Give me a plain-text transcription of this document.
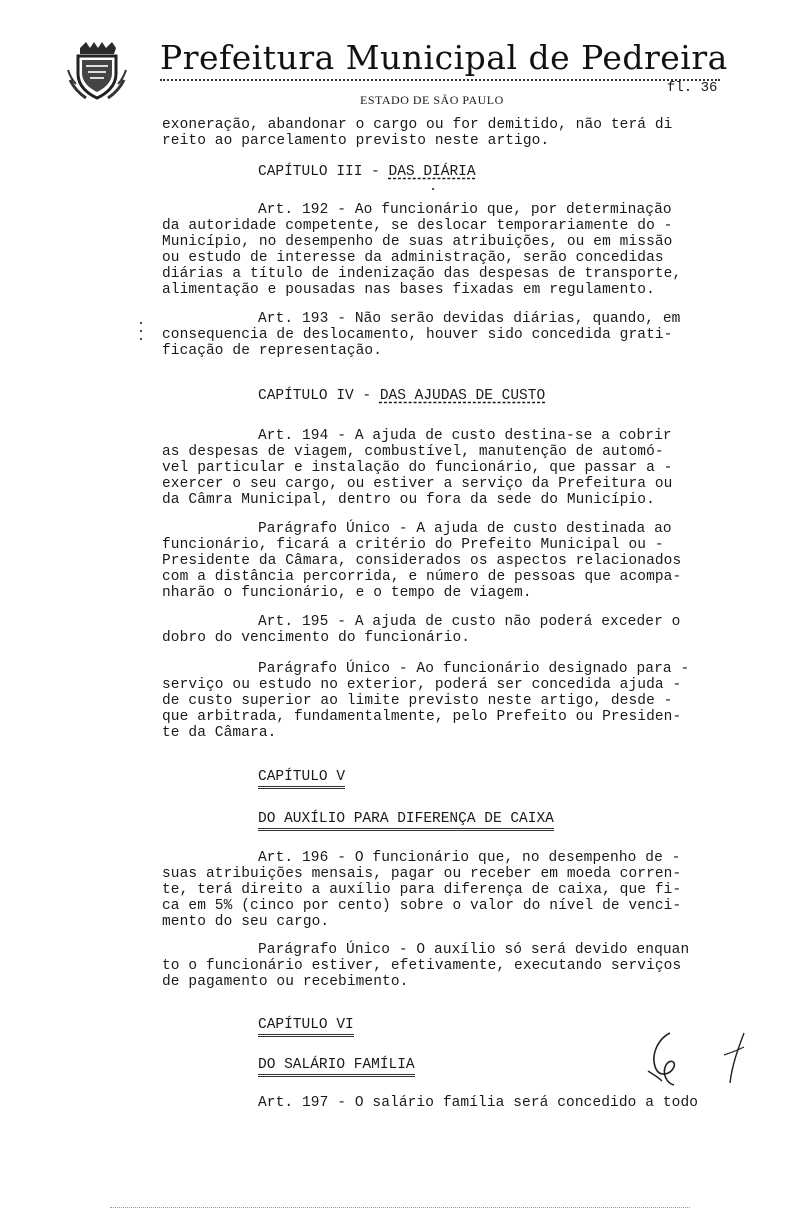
Prefeitura Municipal de Pedreira
ESTADO DE SÃO PAULO
fl. 36
exoneração, abandonar o cargo ou for demitido, não terá di
reito ao parcelamento previsto neste artigo.
CAPÍTULO III - DAS DIÁRIA
Art. 192 - Ao funcionário que, por determinação
da autoridade competente, se deslocar temporariamente do -
Município, no desempenho de suas atribuições, ou em missão
ou estudo de interesse da administração, serão concedidas
diárias a título de indenização das despesas de transporte,
alimentação e pousadas nas bases fixadas em regulamento.
Art. 193 - Não serão devidas diárias, quando, em
consequencia de deslocamento, houver sido concedida grati-
ficação de representação.
CAPÍTULO IV - DAS AJUDAS DE CUSTO
Art. 194 - A ajuda de custo destina-se a cobrir
as despesas de viagem, combustível, manutenção de automó-
vel particular e instalação do funcionário, que passar a -
exercer o seu cargo, ou estiver a serviço da Prefeitura ou
da Câmra Municipal, dentro ou fora da sede do Município.
Parágrafo Único - A ajuda de custo destinada ao
funcionário, ficará a critério do Prefeito Municipal ou -
Presidente da Câmara, considerados os aspectos relacionados
com a distância percorrida, e número de pessoas que acompa-
nharão o funcionário, e o tempo de viagem.
Art. 195 - A ajuda de custo não poderá exceder o
dobro do vencimento do funcionário.
Parágrafo Único - Ao funcionário designado para -
serviço ou estudo no exterior, poderá ser concedida ajuda -
de custo superior ao limite previsto neste artigo, desde -
que arbitrada, fundamentalmente, pelo Prefeito ou Presiden-
te da Câmara.
CAPÍTULO V
DO AUXÍLIO PARA DIFERENÇA DE CAIXA
Art. 196 - O funcionário que, no desempenho de -
suas atribuições mensais, pagar ou receber em moeda corren-
te, terá direito a auxílio para diferença de caixa, que fi-
ca em 5% (cinco por cento) sobre o valor do nível de venci-
mento do seu cargo.
Parágrafo Único - O auxílio só será devido enquan
to o funcionário estiver, efetivamente, executando serviços
de pagamento ou recebimento.
CAPÍTULO VI
DO SALÁRIO FAMÍLIA
Art. 197 - O salário família será concedido a todo
